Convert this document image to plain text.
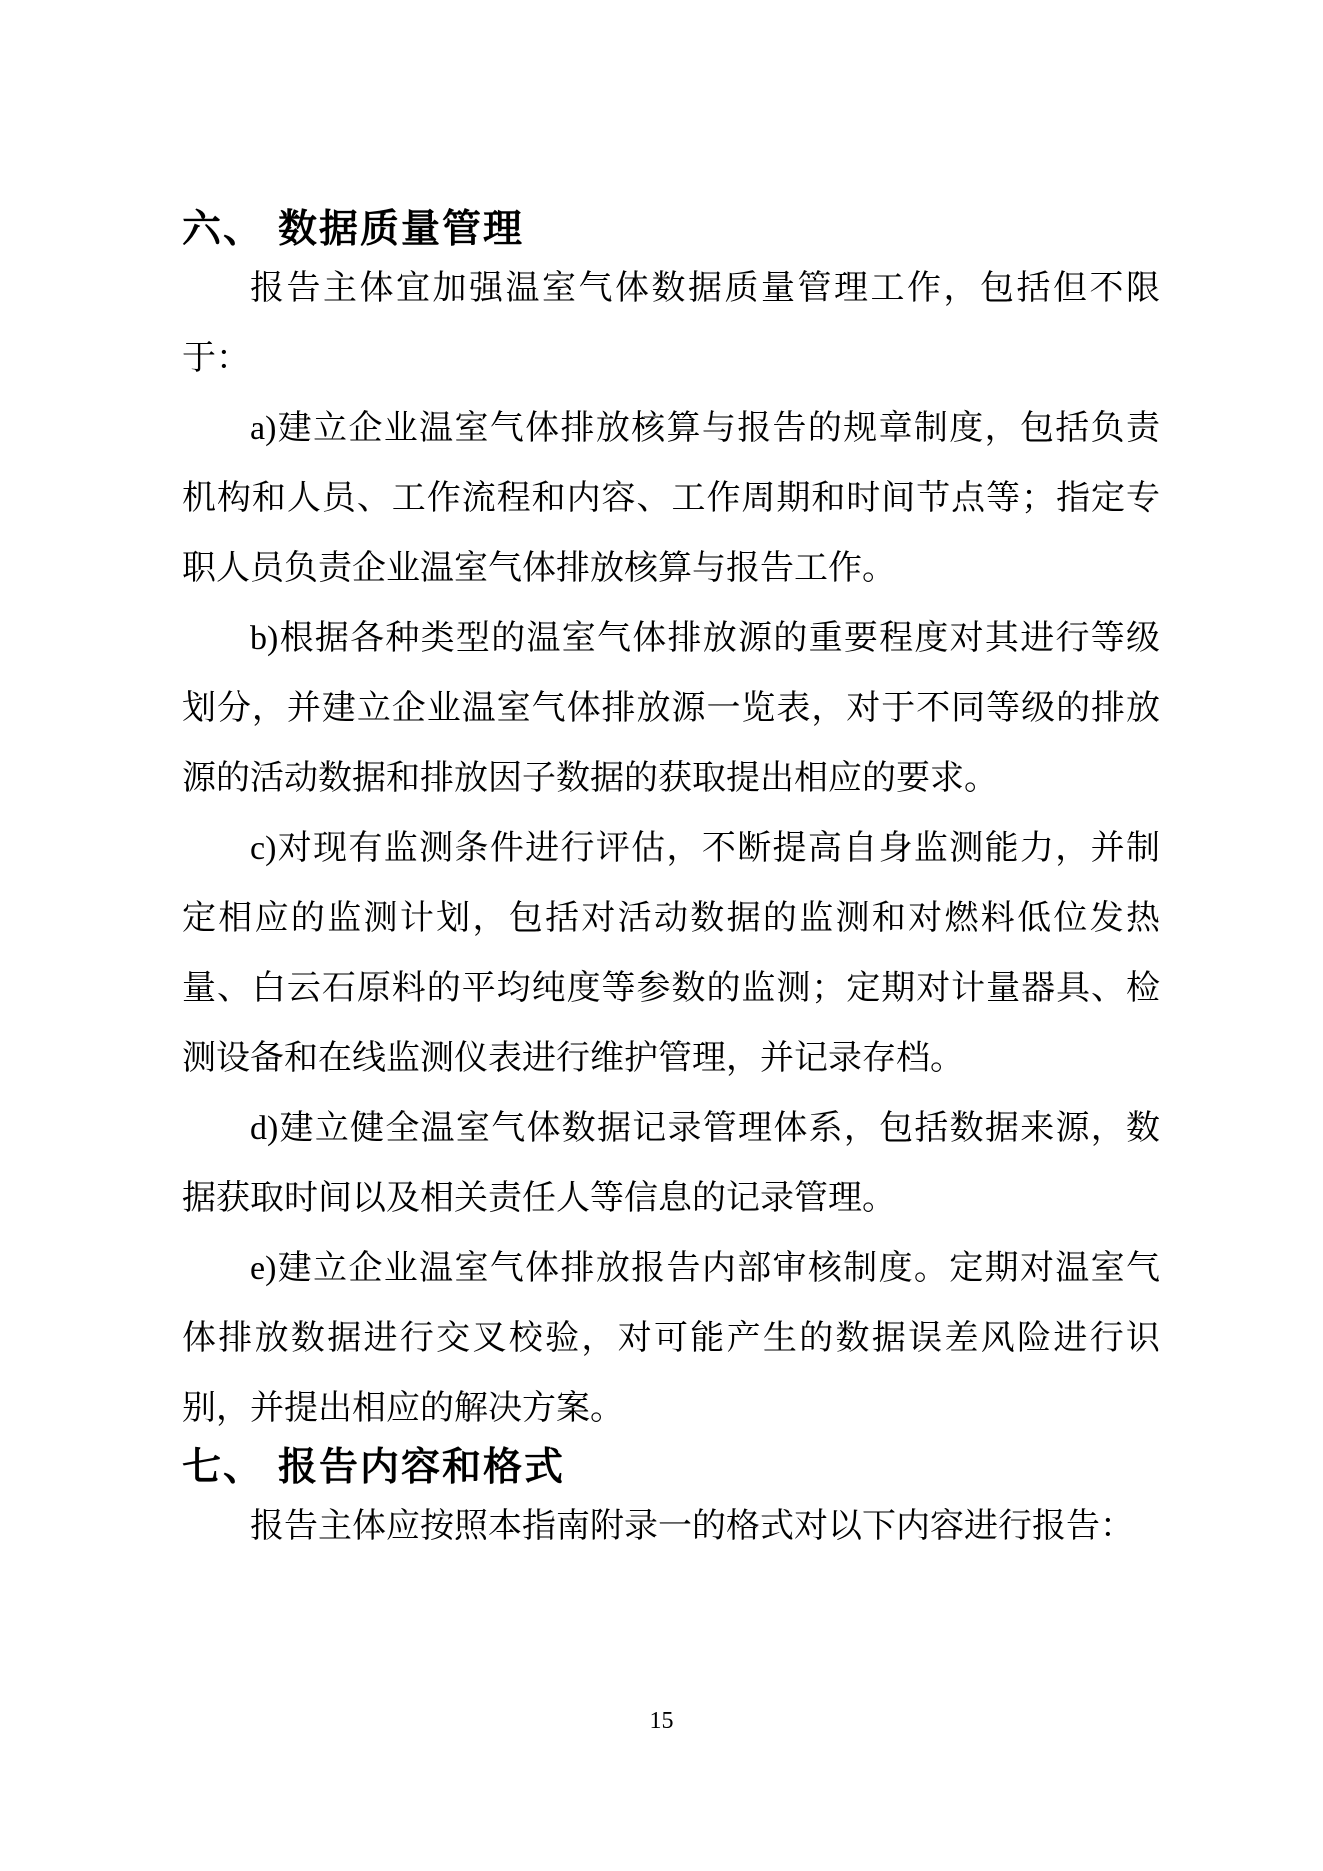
六、 数据质量管理

报告主体宜加强温室气体数据质量管理工作，包括但不限于：

a)建立企业温室气体排放核算与报告的规章制度，包括负责机构和人员、工作流程和内容、工作周期和时间节点等；指定专职人员负责企业温室气体排放核算与报告工作。

b)根据各种类型的温室气体排放源的重要程度对其进行等级划分，并建立企业温室气体排放源一览表，对于不同等级的排放源的活动数据和排放因子数据的获取提出相应的要求。

c)对现有监测条件进行评估，不断提高自身监测能力，并制定相应的监测计划，包括对活动数据的监测和对燃料低位发热量、白云石原料的平均纯度等参数的监测；定期对计量器具、检测设备和在线监测仪表进行维护管理，并记录存档。

d)建立健全温室气体数据记录管理体系，包括数据来源，数据获取时间以及相关责任人等信息的记录管理。

e)建立企业温室气体排放报告内部审核制度。定期对温室气体排放数据进行交叉校验，对可能产生的数据误差风险进行识别，并提出相应的解决方案。

七、 报告内容和格式

报告主体应按照本指南附录一的格式对以下内容进行报告：

15
